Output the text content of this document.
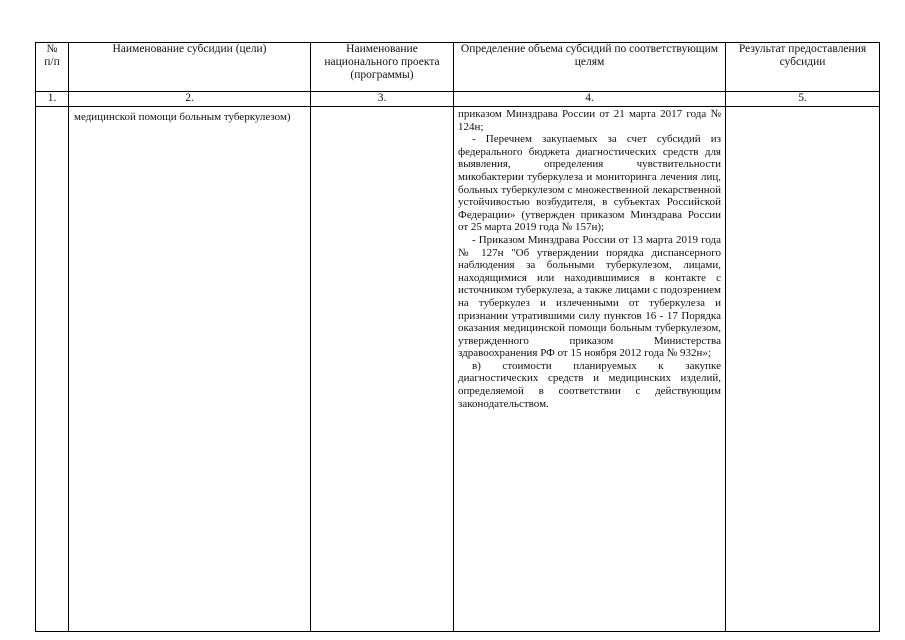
№ п/п	Наименование субсидии (цели)	Наименование национального проекта (программы)	Определение объема субсидий по соответствующим целям	Результат предоставления субсидии

1.	2.	3.	4.	5.

	медицинской помощи больным туберкулезом)		приказом Минздрава России от 21 марта 2017 года № 124н;
- Перечнем закупаемых за счет субсидий из федерального бюджета диагностических средств для выявления, определения чувствительности микобактерии туберкулеза и мониторинга лечения лиц, больных туберкулезом с множественной лекарственной устойчивостью возбудителя, в субъектах Российской Федерации» (утвержден приказом Минздрава России от 25 марта 2019 года № 157н);
- Приказом Минздрава России от 13 марта 2019 года № 127н "Об утверждении порядка диспансерного наблюдения за больными туберкулезом, лицами, находящимися или находившимися в контакте с источником туберкулеза, а также лицами с подозрением на туберкулез и излеченными от туберкулеза и признании утратившими силу пунктов 16 - 17 Порядка оказания медицинской помощи больным туберкулезом, утвержденного приказом Министерства здравоохранения РФ от 15 ноября 2012 года № 932н»;
в) стоимости планируемых к закупке диагностических средств и медицинских изделий, определяемой в соответствии с действующим законодательством.	
